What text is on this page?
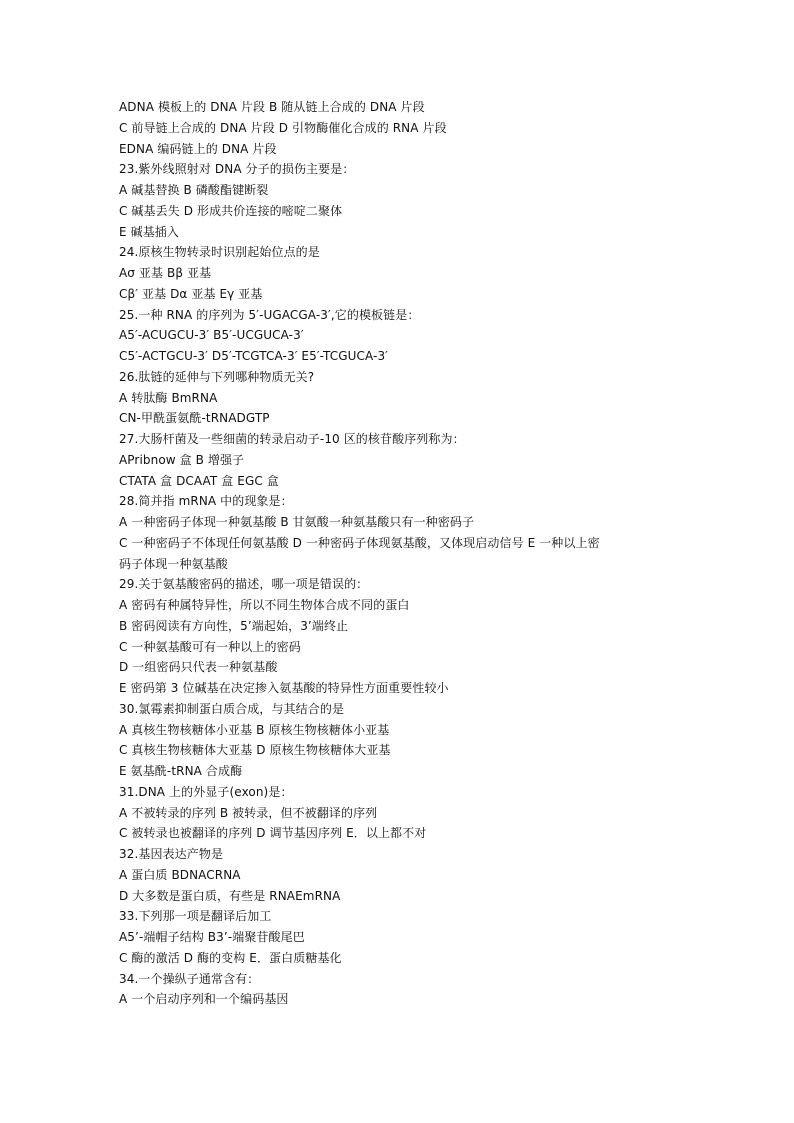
ADNA 模板上的 DNA 片段 B 随从链上合成的 DNA 片段
C 前导链上合成的 DNA 片段 D 引物酶催化合成的 RNA 片段
EDNA 编码链上的 DNA 片段
23.紫外线照射对 DNA 分子的损伤主要是：
A 碱基替换 B 磷酸酯键断裂
C 碱基丢失 D 形成共价连接的嘧啶二聚体
E 碱基插入
24.原核生物转录时识别起始位点的是
Aσ 亚基 Bβ 亚基
Cβ′ 亚基 Dα 亚基 Eγ 亚基
25.一种 RNA 的序列为 5′-UGACGA-3′,它的模板链是：
A5′-ACUGCU-3′ B5′-UCGUCA-3′
C5′-ACTGCU-3′ D5′-TCGTCA-3′ E5′-TCGUCA-3′
26.肽链的延伸与下列哪种物质无关?
A 转肽酶 BmRNA
CN-甲酰蛋氨酰-tRNADGTP
27.大肠杆菌及一些细菌的转录启动子-10 区的核苷酸序列称为：
APribnow 盒 B 增强子
CTATA 盒 DCAAT 盒 EGC 盒
28.简并指 mRNA 中的现象是：
A 一种密码子体现一种氨基酸 B 甘氨酸一种氨基酸只有一种密码子
C 一种密码子不体现任何氨基酸 D 一种密码子体现氨基酸，又体现启动信号 E 一种以上密
码子体现一种氨基酸
29.关于氨基酸密码的描述，哪一项是错误的：
A 密码有种属特异性，所以不同生物体合成不同的蛋白
B 密码阅读有方向性，5’端起始，3’端终止
C 一种氨基酸可有一种以上的密码
D 一组密码只代表一种氨基酸
E 密码第 3 位碱基在决定掺入氨基酸的特异性方面重要性较小
30.氯霉素抑制蛋白质合成，与其结合的是
A 真核生物核糖体小亚基 B 原核生物核糖体小亚基
C 真核生物核糖体大亚基 D 原核生物核糖体大亚基
E 氨基酰-tRNA 合成酶
31.DNA 上的外显子(exon)是：
A 不被转录的序列 B 被转录，但不被翻译的序列
C 被转录也被翻译的序列 D 调节基因序列 E．以上都不对
32.基因表达产物是
A 蛋白质 BDNACRNA
D 大多数是蛋白质，有些是 RNAEmRNA
33.下列那一项是翻译后加工
A5’-端帽子结构 B3’-端聚苷酸尾巴
C 酶的激活 D 酶的变构 E．蛋白质糖基化
34.一个操纵子通常含有：
A 一个启动序列和一个编码基因
